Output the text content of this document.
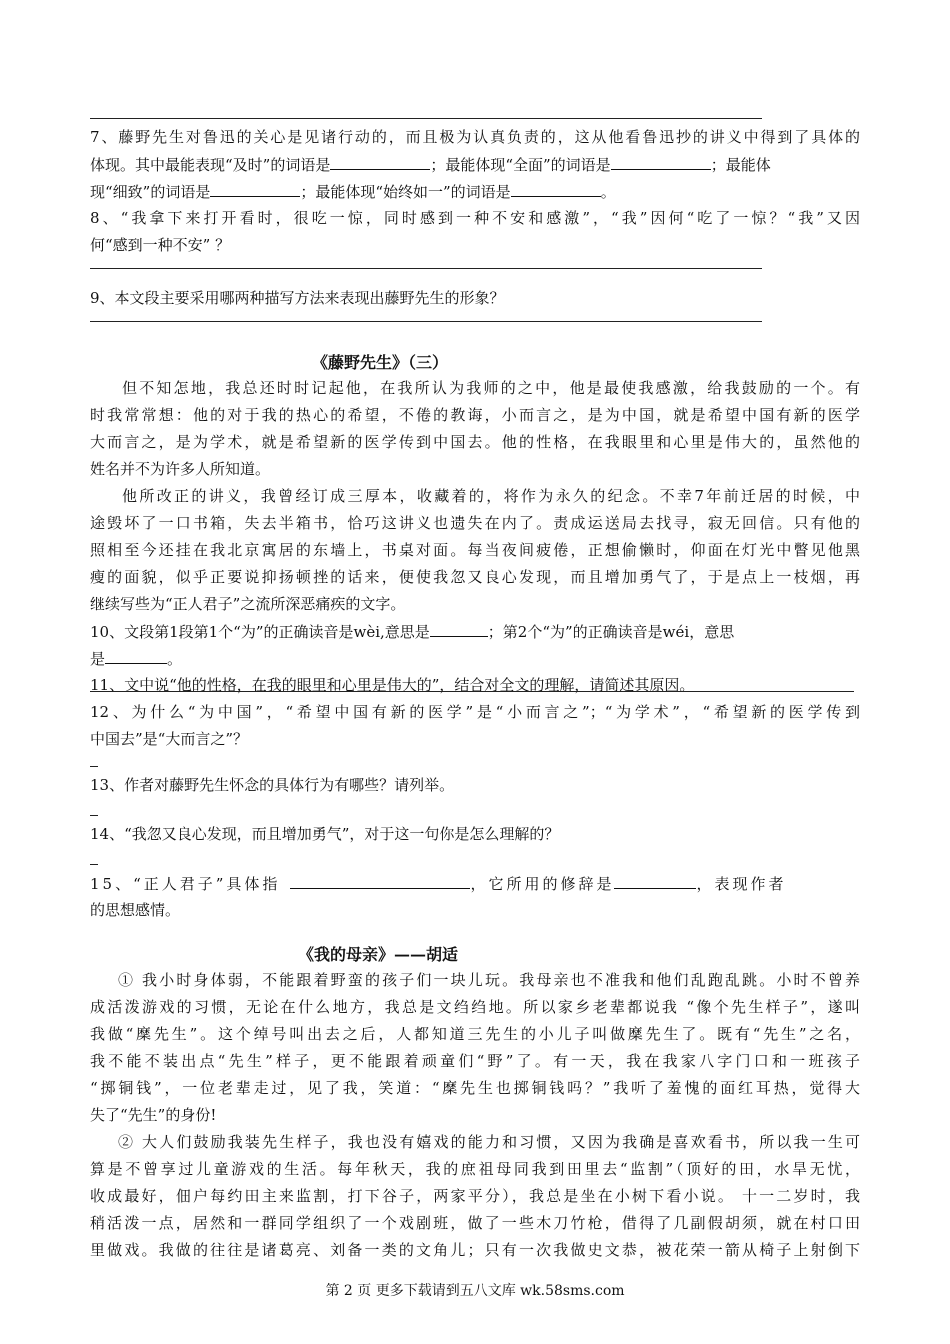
7、藤野先生对鲁迅的关心是见诸行动的，而且极为认真负责的，这从他看鲁迅抄的讲义中得到了具体的
体现。其中最能表现“及时”的词语是	；最能体现“全面”的词语是	；最能体
现“细致”的词语是	；最能体现“始终如一”的词语是	。
8、“我拿下来打开看时，很吃一惊，同时感到一种不安和感激”，“我”因何“吃了一惊？“我”又因
何“感到一种不安” ？
9、本文段主要采用哪两种描写方法来表现出藤野先生的形象？
《藤野先生》（三）
但不知怎地，我总还时时记起他，在我所认为我师的之中，他是最使我感激，给我鼓励的一个。有
时我常常想：他的对于我的热心的希望，不倦的教诲，小而言之，是为中国，就是希望中国有新的医学
大而言之，是为学术，就是希望新的医学传到中国去。他的性格，在我眼里和心里是伟大的，虽然他的
姓名并不为许多人所知道。
他所改正的讲义，我曾经订成三厚本，收藏着的，将作为永久的纪念。不幸7年前迁居的时候，中
途毁坏了一口书箱，失去半箱书，恰巧这讲义也遗失在内了。责成运送局去找寻，寂无回信。只有他的
照相至今还挂在我北京寓居的东墙上，书桌对面。每当夜间疲倦，正想偷懒时，仰面在灯光中瞥见他黑
瘦的面貌，似乎正要说抑扬顿挫的话来，便使我忽又良心发现，而且增加勇气了，于是点上一枝烟，再
继续写些为“正人君子”之流所深恶痛疾的文字。
10、文段第1段第1个“为”的正确读音是wèi,意思是	；第2个“为”的正确读音是wéi，意思
是	。
11、文中说“他的性格，在我的眼里和心里是伟大的”，结合对全文的理解，请简述其原因。
12、为什么“为中国”，“希望中国有新的医学”是“小而言之”；“为学术”，“希望新的医学传到
中国去”是“大而言之”？
13、作者对藤野先生怀念的具体行为有哪些？请列举。
14、“我忽又良心发现，而且增加勇气”，对于这一句你是怎么理解的？
15、“正人君子”具体指	，它所用的修辞是	，表现作者
的思想感情。
《我的母亲》——胡适
① 我小时身体弱，不能跟着野蛮的孩子们一块儿玩。我母亲也不准我和他们乱跑乱跳。小时不曾养
成活泼游戏的习惯，无论在什么地方，我总是文绉绉地。所以家乡老辈都说我 “像个先生样子”，遂叫
我做“穈先生”。这个绰号叫出去之后，人都知道三先生的小儿子叫做穈先生了。既有“先生”之名，
我不能不装出点“先生”样子，更不能跟着顽童们“野”了。有一天，我在我家八字门口和一班孩子
“掷铜钱”，一位老辈走过，见了我，笑道：“穈先生也掷铜钱吗？”我听了羞愧的面红耳热，觉得大
失了“先生”的身份!
② 大人们鼓励我装先生样子，我也没有嬉戏的能力和习惯，又因为我确是喜欢看书，所以我一生可
算是不曾享过儿童游戏的生活。每年秋天，我的庶祖母同我到田里去“监割”（顶好的田，水旱无忧，
收成最好，佃户每约田主来监割，打下谷子，两家平分），我总是坐在小树下看小说。 十一二岁时，我
稍活泼一点，居然和一群同学组织了一个戏剧班，做了一些木刀竹枪，借得了几副假胡须，就在村口田
里做戏。我做的往往是诸葛亮、刘备一类的文角儿；只有一次我做史文恭，被花荣一箭从椅子上射倒下
第 2 页 更多下载请到五八文库 wk.58sms.com
